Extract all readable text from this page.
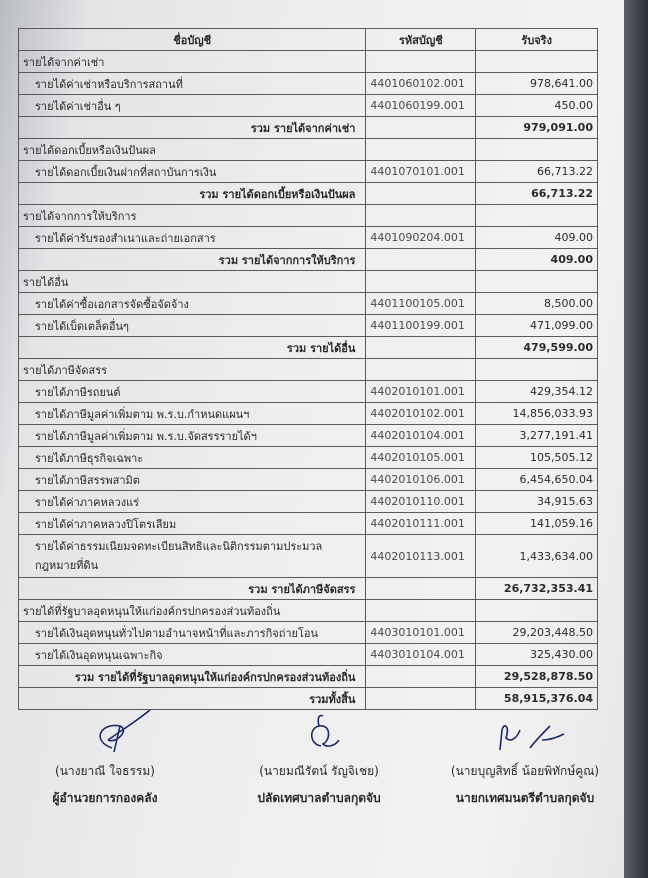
ชื่อบัญชี	รหัสบัญชี	รับจริง
รายได้จากค่าเช่า		
รายได้ค่าเช่าหรือบริการสถานที่	4401060102.001	978,641.00
รายได้ค่าเช่าอื่น ๆ	4401060199.001	450.00
รวม รายได้จากค่าเช่า		979,091.00
รายได้ดอกเบี้ยหรือเงินปันผล		
รายได้ดอกเบี้ยเงินฝากที่สถาบันการเงิน	4401070101.001	66,713.22
รวม รายได้ดอกเบี้ยหรือเงินปันผล		66,713.22
รายได้จากการให้บริการ		
รายได้ค่ารับรองสำเนาและถ่ายเอกสาร	4401090204.001	409.00
รวม รายได้จากการให้บริการ		409.00
รายได้อื่น		
รายได้ค่าซื้อเอกสารจัดซื้อจัดจ้าง	4401100105.001	8,500.00
รายได้เบ็ดเตล็ดอื่นๆ	4401100199.001	471,099.00
รวม รายได้อื่น		479,599.00
รายได้ภาษีจัดสรร		
รายได้ภาษีรถยนต์	4402010101.001	429,354.12
รายได้ภาษีมูลค่าเพิ่มตาม พ.ร.บ.กำหนดแผนฯ	4402010102.001	14,856,033.93
รายได้ภาษีมูลค่าเพิ่มตาม พ.ร.บ.จัดสรรรายได้ฯ	4402010104.001	3,277,191.41
รายได้ภาษีธุรกิจเฉพาะ	4402010105.001	105,505.12
รายได้ภาษีสรรพสามิต	4402010106.001	6,454,650.04
รายได้ค่าภาคหลวงแร่	4402010110.001	34,915.63
รายได้ค่าภาคหลวงปิโตรเลียม	4402010111.001	141,059.16
รายได้ค่าธรรมเนียมจดทะเบียนสิทธิและนิติกรรมตามประมวลกฎหมายที่ดิน	4402010113.001	1,433,634.00
รวม รายได้ภาษีจัดสรร		26,732,353.41
รายได้ที่รัฐบาลอุดหนุนให้แก่องค์กรปกครองส่วนท้องถิ่น		
รายได้เงินอุดหนุนทั่วไปตามอำนาจหน้าที่และภารกิจถ่ายโอน	4403010101.001	29,203,448.50
รายได้เงินอุดหนุนเฉพาะกิจ	4403010104.001	325,430.00
รวม รายได้ที่รัฐบาลอุดหนุนให้แก่องค์กรปกครองส่วนท้องถิ่น		29,528,878.50
รวมทั้งสิ้น		58,915,376.04
(นางยาณี ใจธรรม)
ผู้อำนวยการกองคลัง
(นายมณีรัตน์ รัญจิเชย)
ปลัดเทศบาลตำบลกุดจับ
(นายบุญสิทธิ์ น้อยพิทักษ์คูณ)
นายกเทศมนตรีตำบลกุดจับ
